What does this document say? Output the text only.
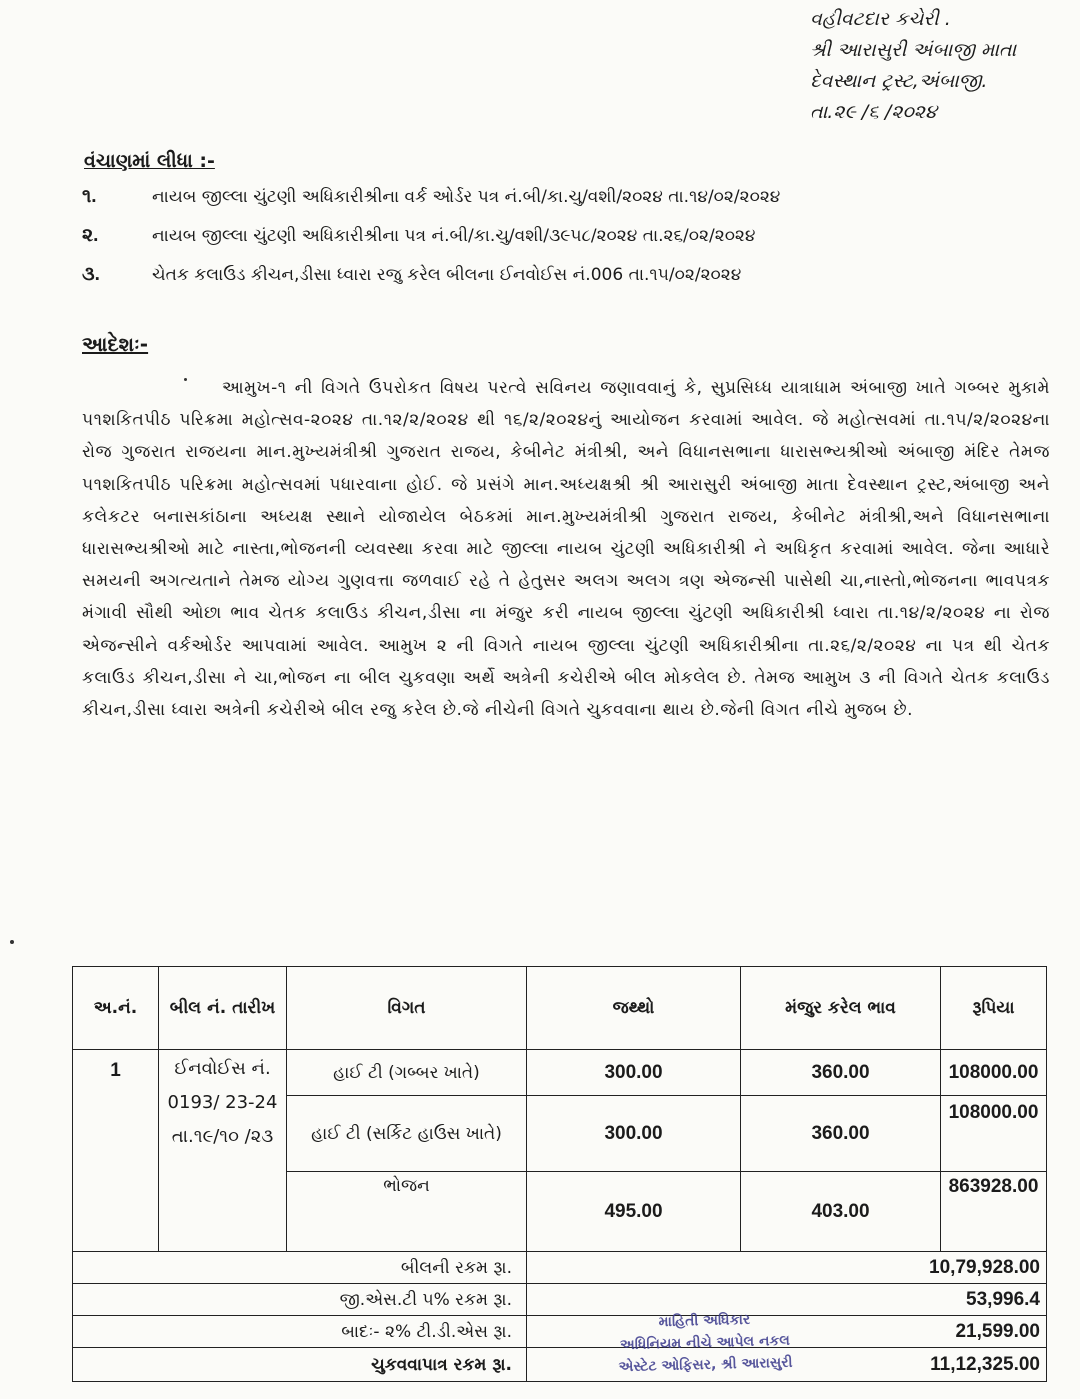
વહીવટદાર કચેરી .
શ્રી આરાસુરી અંબાજી માતા
દેવસ્થાન ટ્રસ્ટ,અંબાજી.
તા.૨૯ /૬ /૨૦૨૪
વંચાણમાં લીધા :-
૧.	નાયબ જીલ્લા ચુંટણી અધિકારીશ્રીના વર્ક ઓર્ડર પત્ર નં.બી/કા.ચુ/વશી/૨૦૨૪ તા.૧૪/૦૨/૨૦૨૪
૨.	નાયબ જીલ્લા ચુંટણી અધિકારીશ્રીના પત્ર નં.બી/કા.ચુ/વશી/૩૯૫૮/૨૦૨૪ તા.૨૬/૦૨/૨૦૨૪
૩.	ચેતક કલાઉડ કીચન,ડીસા ધ્વારા રજુ કરેલ બીલના ઈનવોઈસ નં.006 તા.૧૫/૦૨/૨૦૨૪
આદેશઃ-
આમુખ-૧ ની વિગતે ઉપરોકત વિષય પરત્વે સવિનય જણાવવાનું કે, સુપ્રસિધ્ધ યાત્રાધામ અંબાજી ખાતે ગબ્બર મુકામે ૫૧શકિતપીઠ પરિક્રમા મહોત્સવ-૨૦૨૪ તા.૧૨/૨/૨૦૨૪ થી ૧૬/૨/૨૦૨૪નું આયોજન કરવામાં આવેલ. જે મહોત્સવમાં તા.૧૫/૨/૨૦૨૪ના રોજ ગુજરાત રાજયના માન.મુખ્યમંત્રીશ્રી ગુજરાત રાજય, કેબીનેટ મંત્રીશ્રી, અને વિધાનસભાના ધારાસભ્યશ્રીઓ અંબાજી મંદિર તેમજ ૫૧શકિતપીઠ પરિક્રમા મહોત્સવમાં પધારવાના હોઈ. જે પ્રસંગે માન.અધ્યક્ષશ્રી શ્રી આરાસુરી અંબાજી માતા દેવસ્થાન ટ્રસ્ટ,અંબાજી અને કલેકટર બનાસકાંઠાના અધ્યક્ષ સ્થાને યોજાયેલ બેઠકમાં માન.મુખ્યમંત્રીશ્રી ગુજરાત રાજય, કેબીનેટ મંત્રીશ્રી,અને વિધાનસભાના ધારાસભ્યશ્રીઓ માટે નાસ્તા,ભોજનની વ્યવસ્થા કરવા માટે જીલ્લા નાયબ ચુંટણી અધિકારીશ્રી ને અધિકૃત કરવામાં આવેલ. જેના આધારે સમયની અગત્યતાને તેમજ યોગ્ય ગુણવત્તા જળવાઈ રહે તે હેતુસર અલગ અલગ ત્રણ એજન્સી પાસેથી ચા,નાસ્તો,ભોજનના ભાવપત્રક મંગાવી સૌથી ઓછા ભાવ ચેતક કલાઉડ કીચન,ડીસા ના મંજુર કરી નાયબ જીલ્લા ચુંટણી અધિકારીશ્રી ધ્વારા તા.૧૪/૨/૨૦૨૪ ના રોજ એજન્સીને વર્કઓર્ડર આપવામાં આવેલ. આમુખ ૨ ની વિગતે નાયબ જીલ્લા ચુંટણી અધિકારીશ્રીના તા.૨૬/૨/૨૦૨૪ ના પત્ર થી ચેતક કલાઉડ કીચન,ડીસા ને ચા,ભોજન ના બીલ ચુકવણા અર્થે અત્રેની કચેરીએ બીલ મોકલેલ છે. તેમજ આમુખ ૩ ની વિગતે ચેતક કલાઉડ કીચન,ડીસા ધ્વારા અત્રેની કચેરીએ બીલ રજુ કરેલ છે.જે નીચેની વિગતે ચુકવવાના થાય છે.જેની વિગત નીચે મુજબ છે.
અ.નં.	બીલ નં. તારીખ	વિગત	જથ્થો	મંજુર કરેલ ભાવ	રૂપિયા
1	ઈનવોઈસ નં. 0193/ 23-24 તા.૧૯/૧૦ /૨૩	હાઈ ટી (ગબ્બર ખાતે)	300.00	360.00	108000.00
		હાઈ ટી (સર્કિટ હાઉસ ખાતે)	300.00	360.00	108000.00
		ભોજન	495.00	403.00	863928.00
બીલની રકમ રૂા.			10,79,928.00		
જી.એસ.ટી ૫% રકમ રૂા.			53,996.4		
બાદઃ- ૨% ટી.ડી.એસ રૂા.			21,599.00		
ચુકવવાપાત્ર રકમ રૂા.			11,12,325.00		
માહિતી અધિકાર
અધિનિયમ નીચે આપેલ નકલ
એસ્ટેટ ઓફિસર, શ્રી આરાસુરી
